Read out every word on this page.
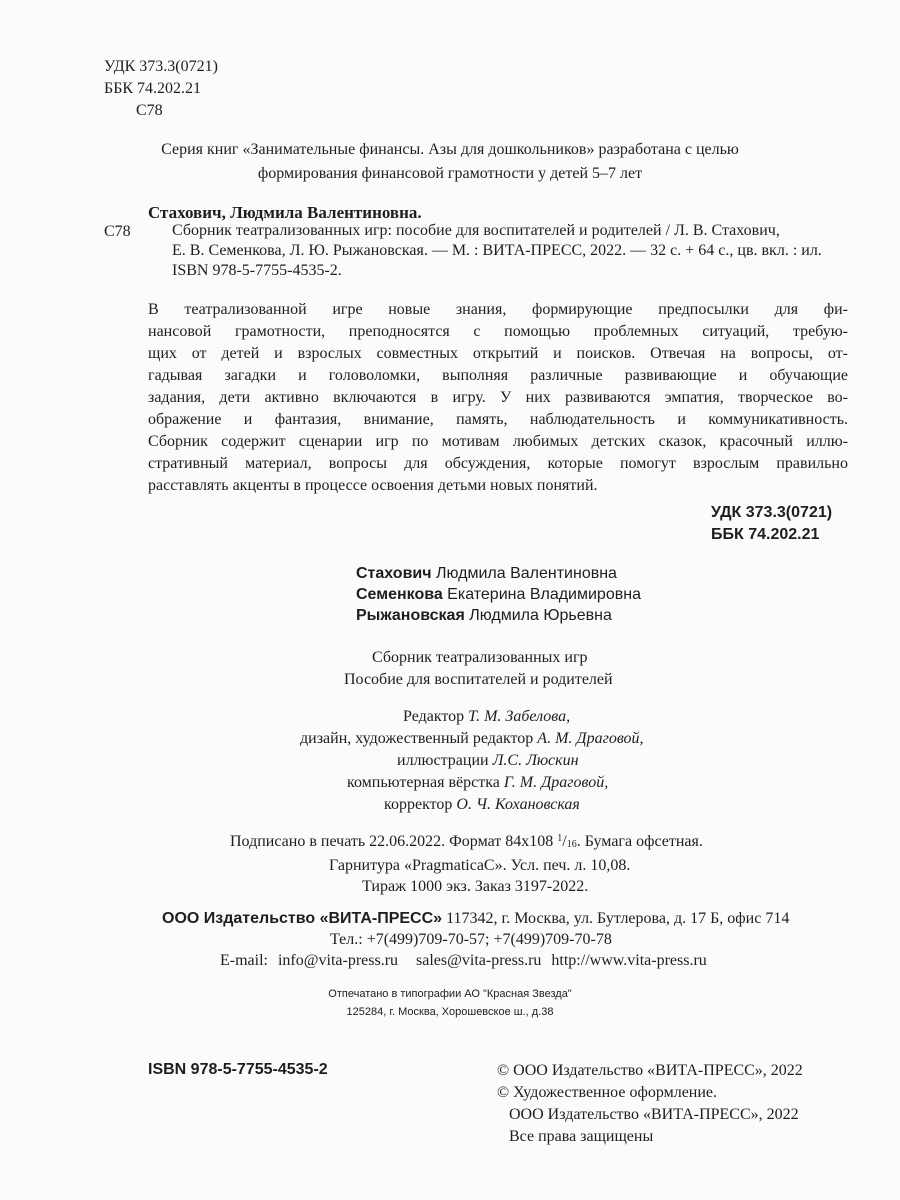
УДК 373.3(0721)
ББК 74.202.21
С78
Серия книг «Занимательные финансы. Азы для дошкольников» разработана с целью
формирования финансовой грамотности у детей 5–7 лет
Стахович, Людмила Валентиновна.
С78	Сборник театрализованных игр: пособие для воспитателей и родителей / Л. В. Стахович,
Е. В. Семенкова, Л. Ю. Рыжановская. — М. : ВИТА-ПРЕСС, 2022. — 32 с. + 64 с., цв. вкл. : ил.
ISBN 978-5-7755-4535-2.
В театрализованной игре новые знания, формирующие предпосылки для фи-
нансовой грамотности, преподносятся с помощью проблемных ситуаций, требую-
щих от детей и взрослых совместных открытий и поисков. Отвечая на вопросы, от-
гадывая загадки и головоломки, выполняя различные развивающие и обучающие
задания, дети активно включаются в игру. У них развиваются эмпатия, творческое во-
ображение и фантазия, внимание, память, наблюдательность и коммуникативность.
Сборник содержит сценарии игр по мотивам любимых детских сказок, красочный иллю-
стративный материал, вопросы для обсуждения, которые помогут взрослым правильно
расставлять акценты в процессе освоения детьми новых понятий.
УДК 373.3(0721)
ББК 74.202.21
Стахович Людмила Валентиновна
Семенкова Екатерина Владимировна
Рыжановская Людмила Юрьевна
Сборник театрализованных игр
Пособие для воспитателей и родителей
Редактор Т. М. Забелова,
дизайн, художественный редактор А. М. Драговой,
иллюстрации Л.С. Люскин
компьютерная вёрстка Г. М. Драговой,
корректор О. Ч. Кохановская
Подписано в печать 22.06.2022. Формат 84x108 $^1/_{16}$. Бумага офсетная.
Гарнитура «PragmaticaC». Усл. печ. л. 10,08.
Тираж 1000 экз. Заказ 3197-2022.
ООО Издательство «ВИТА-ПРЕСС» 117342, г. Москва, ул. Бутлерова, д. 17 Б, офис 714
Тел.: +7(499)709-70-57; +7(499)709-70-78
E-mail: info@vita-press.ru sales@vita-press.ru http://www.vita-press.ru
Отпечатано в типографии АО "Красная Звезда"
125284, г. Москва, Хорошевское ш., д.38
ISBN 978-5-7755-4535-2	© ООО Издательство «ВИТА-ПРЕСС», 2022
© Художественное оформление.
ООО Издательство «ВИТА-ПРЕСС», 2022
Все права защищены
